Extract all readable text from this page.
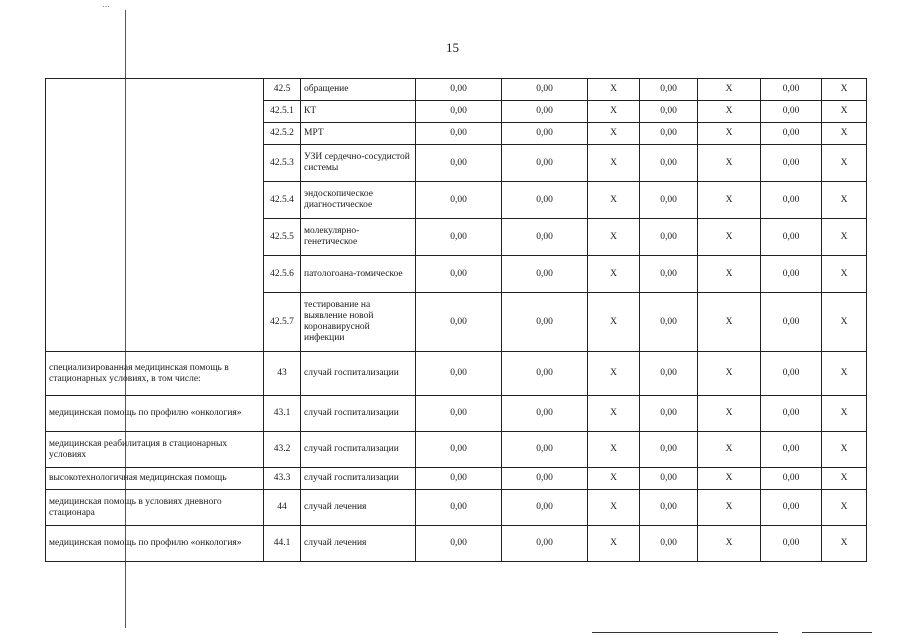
…
15
	42.5	обращение	0,00	0,00	X	0,00	X	0,00	X
	42.5.1	КТ	0,00	0,00	X	0,00	X	0,00	X
	42.5.2	МРТ	0,00	0,00	X	0,00	X	0,00	X
	42.5.3	УЗИ сердечно-сосудистой системы	0,00	0,00	X	0,00	X	0,00	X
	42.5.4	эндоскопическое диагностическое	0,00	0,00	X	0,00	X	0,00	X
	42.5.5	молекулярно-генетическое	0,00	0,00	X	0,00	X	0,00	X
	42.5.6	патологоана-томическое	0,00	0,00	X	0,00	X	0,00	X
	42.5.7	тестирование на выявление новой коронавирусной инфекции	0,00	0,00	X	0,00	X	0,00	X
специализированная медицинская помощь в стационарных условиях, в том числе:	43	случай госпитализации	0,00	0,00	X	0,00	X	0,00	X
медицинская помощь по профилю «онкология»	43.1	случай госпитализации	0,00	0,00	X	0,00	X	0,00	X
медицинская реабилитация в стационарных условиях	43.2	случай госпитализации	0,00	0,00	X	0,00	X	0,00	X
высокотехнологичная медицинская помощь	43.3	случай госпитализации	0,00	0,00	X	0,00	X	0,00	X
медицинская помощь в условиях дневного стационара	44	случай лечения	0,00	0,00	X	0,00	X	0,00	X
медицинская помощь по профилю «онкология»	44.1	случай лечения	0,00	0,00	X	0,00	X	0,00	X
